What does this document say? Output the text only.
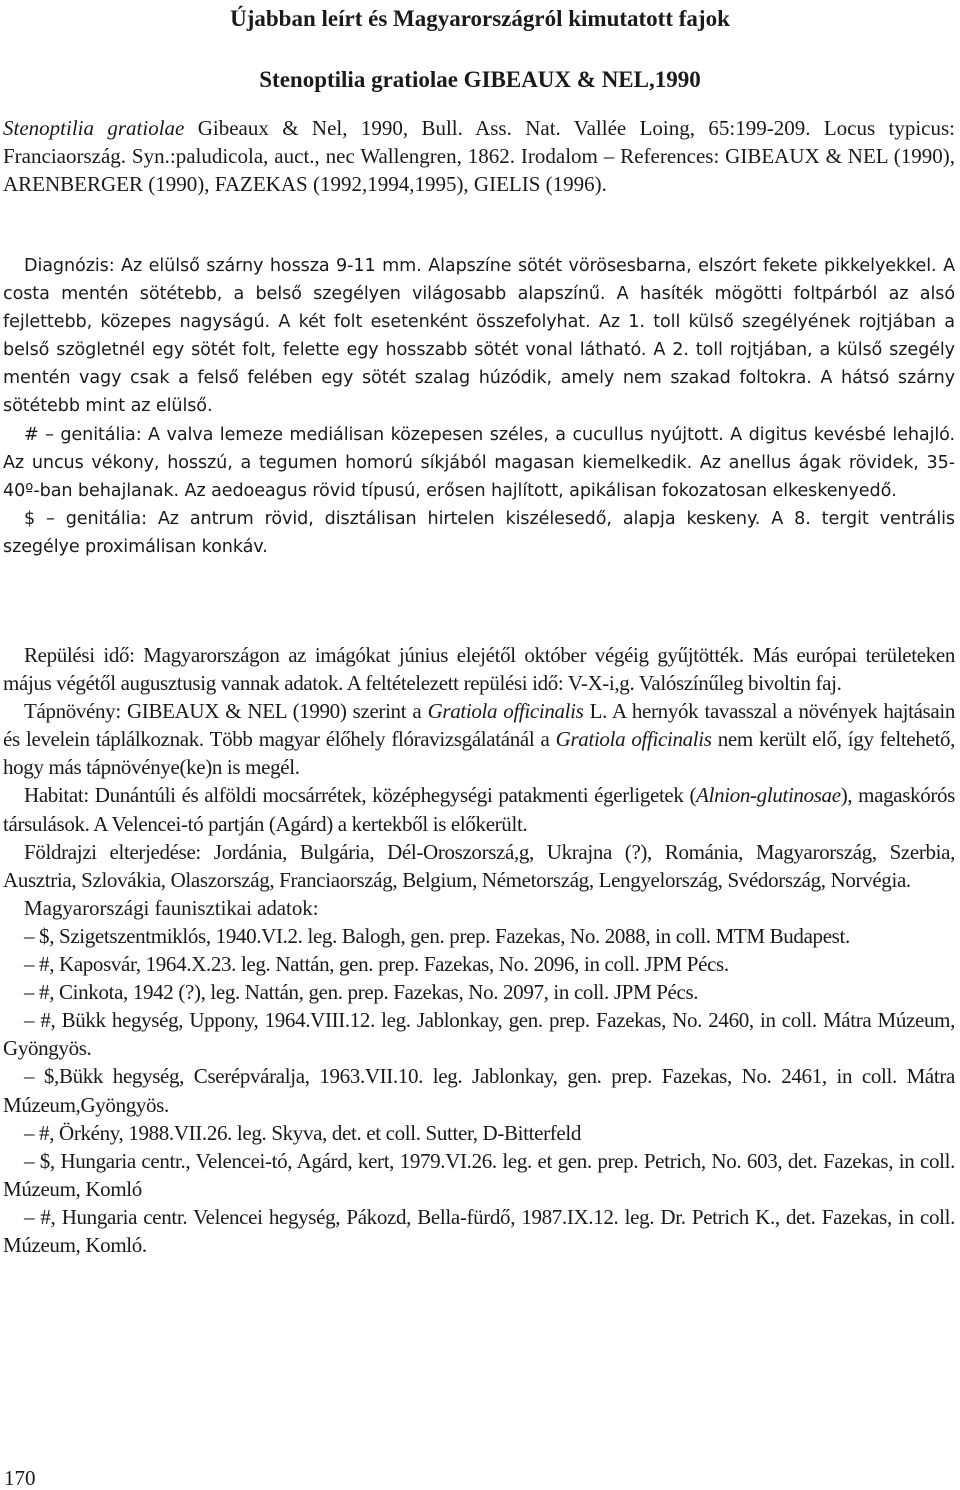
Újabban leírt és Magyarországról kimutatott fajok
Stenoptilia gratiolae GIBEAUX & NEL,1990

Stenoptilia gratiolae Gibeaux & Nel, 1990, Bull. Ass. Nat. Vallée Loing, 65:199-209. Locus typicus: Franciaország. Syn.:paludicola, auct., nec Wallengren, 1862. Irodalom – References: GIBEAUX & NEL (1990), ARENBERGER (1990), FAZEKAS (1992,1994,1995), GIELIS (1996).

Diagnózis: Az elülső szárny hossza 9-11 mm. Alapszíne sötét vörösesbarna, elszórt fekete pikkelyekkel. A costa mentén sötétebb, a belső szegélyen világosabb alapszínű. A hasíték mögötti foltpárból az alsó fejlettebb, közepes nagyságú. A két folt esetenként összefolyhat. Az 1. toll külső szegélyének rojtjában a belső szögletnél egy sötét folt, felette egy hosszabb sötét vonal látható. A 2. toll rojtjában, a külső szegély mentén vagy csak a felső felében egy sötét szalag húzódik, amely nem szakad foltokra. A hátsó szárny sötétebb mint az elülső.

# – genitália: A valva lemeze mediálisan közepesen széles, a cucullus nyújtott. A digitus kevésbé lehajló. Az uncus vékony, hosszú, a tegumen homorú síkjából magasan kiemelkedik. Az anellus ágak rövidek, 35-40º-ban behajlanak. Az aedoeagus rövid típusú, erősen hajlított, apikálisan fokozatosan elkeskenyedő.

$ – genitália: Az antrum rövid, disztálisan hirtelen kiszélesedő, alapja keskeny. A 8. tergit ventrális szegélye proximálisan konkáv.

Repülési idő: Magyarországon az imágókat június elejétől október végéig gyűjtötték. Más európai területeken május végétől augusztusig vannak adatok. A feltételezett repülési idő: V-X-i,g. Valószínűleg bivoltin faj.

Tápnövény: GIBEAUX & NEL (1990) szerint a Gratiola officinalis L. A hernyók tavasszal a növények hajtásain és levelein táplálkoznak. Több magyar élőhely flóravizsgálatánál a Gratiola officinalis nem került elő, így feltehető, hogy más tápnövénye(ke)n is megél.

Habitat: Dunántúli és alföldi mocsárrétek, középhegységi patakmenti égerligetek (Alnion-glutinosae), magaskórós társulások. A Velencei-tó partján (Agárd) a kertekből is előkerült.

Földrajzi elterjedése: Jordánia, Bulgária, Dél-Oroszorszá,g, Ukrajna (?), Románia, Magyarország, Szerbia, Ausztria, Szlovákia, Olaszország, Franciaország, Belgium, Németország, Lengyelország, Svédország, Norvégia.

Magyarországi faunisztikai adatok:

– $, Szigetszentmiklós, 1940.VI.2. leg. Balogh, gen. prep. Fazekas, No. 2088, in coll. MTM Budapest.

– #, Kaposvár, 1964.X.23. leg. Nattán, gen. prep. Fazekas, No. 2096, in coll. JPM Pécs.

– #, Cinkota, 1942 (?), leg. Nattán, gen. prep. Fazekas, No. 2097, in coll. JPM Pécs.

– #, Bükk hegység, Uppony, 1964.VIII.12. leg. Jablonkay, gen. prep. Fazekas, No. 2460, in coll. Mátra Múzeum, Gyöngyös.

– $,Bükk hegység, Cserépváralja, 1963.VII.10. leg. Jablonkay, gen. prep. Fazekas, No. 2461, in coll. Mátra Múzeum,Gyöngyös.

– #, Örkény, 1988.VII.26. leg. Skyva, det. et coll. Sutter, D-Bitterfeld

– $, Hungaria centr., Velencei-tó, Agárd, kert, 1979.VI.26. leg. et gen. prep. Petrich, No. 603, det. Fazekas, in coll. Múzeum, Komló

– #, Hungaria centr. Velencei hegység, Pákozd, Bella-fürdő, 1987.IX.12. leg. Dr. Petrich K., det. Fazekas, in coll. Múzeum, Komló.

170
